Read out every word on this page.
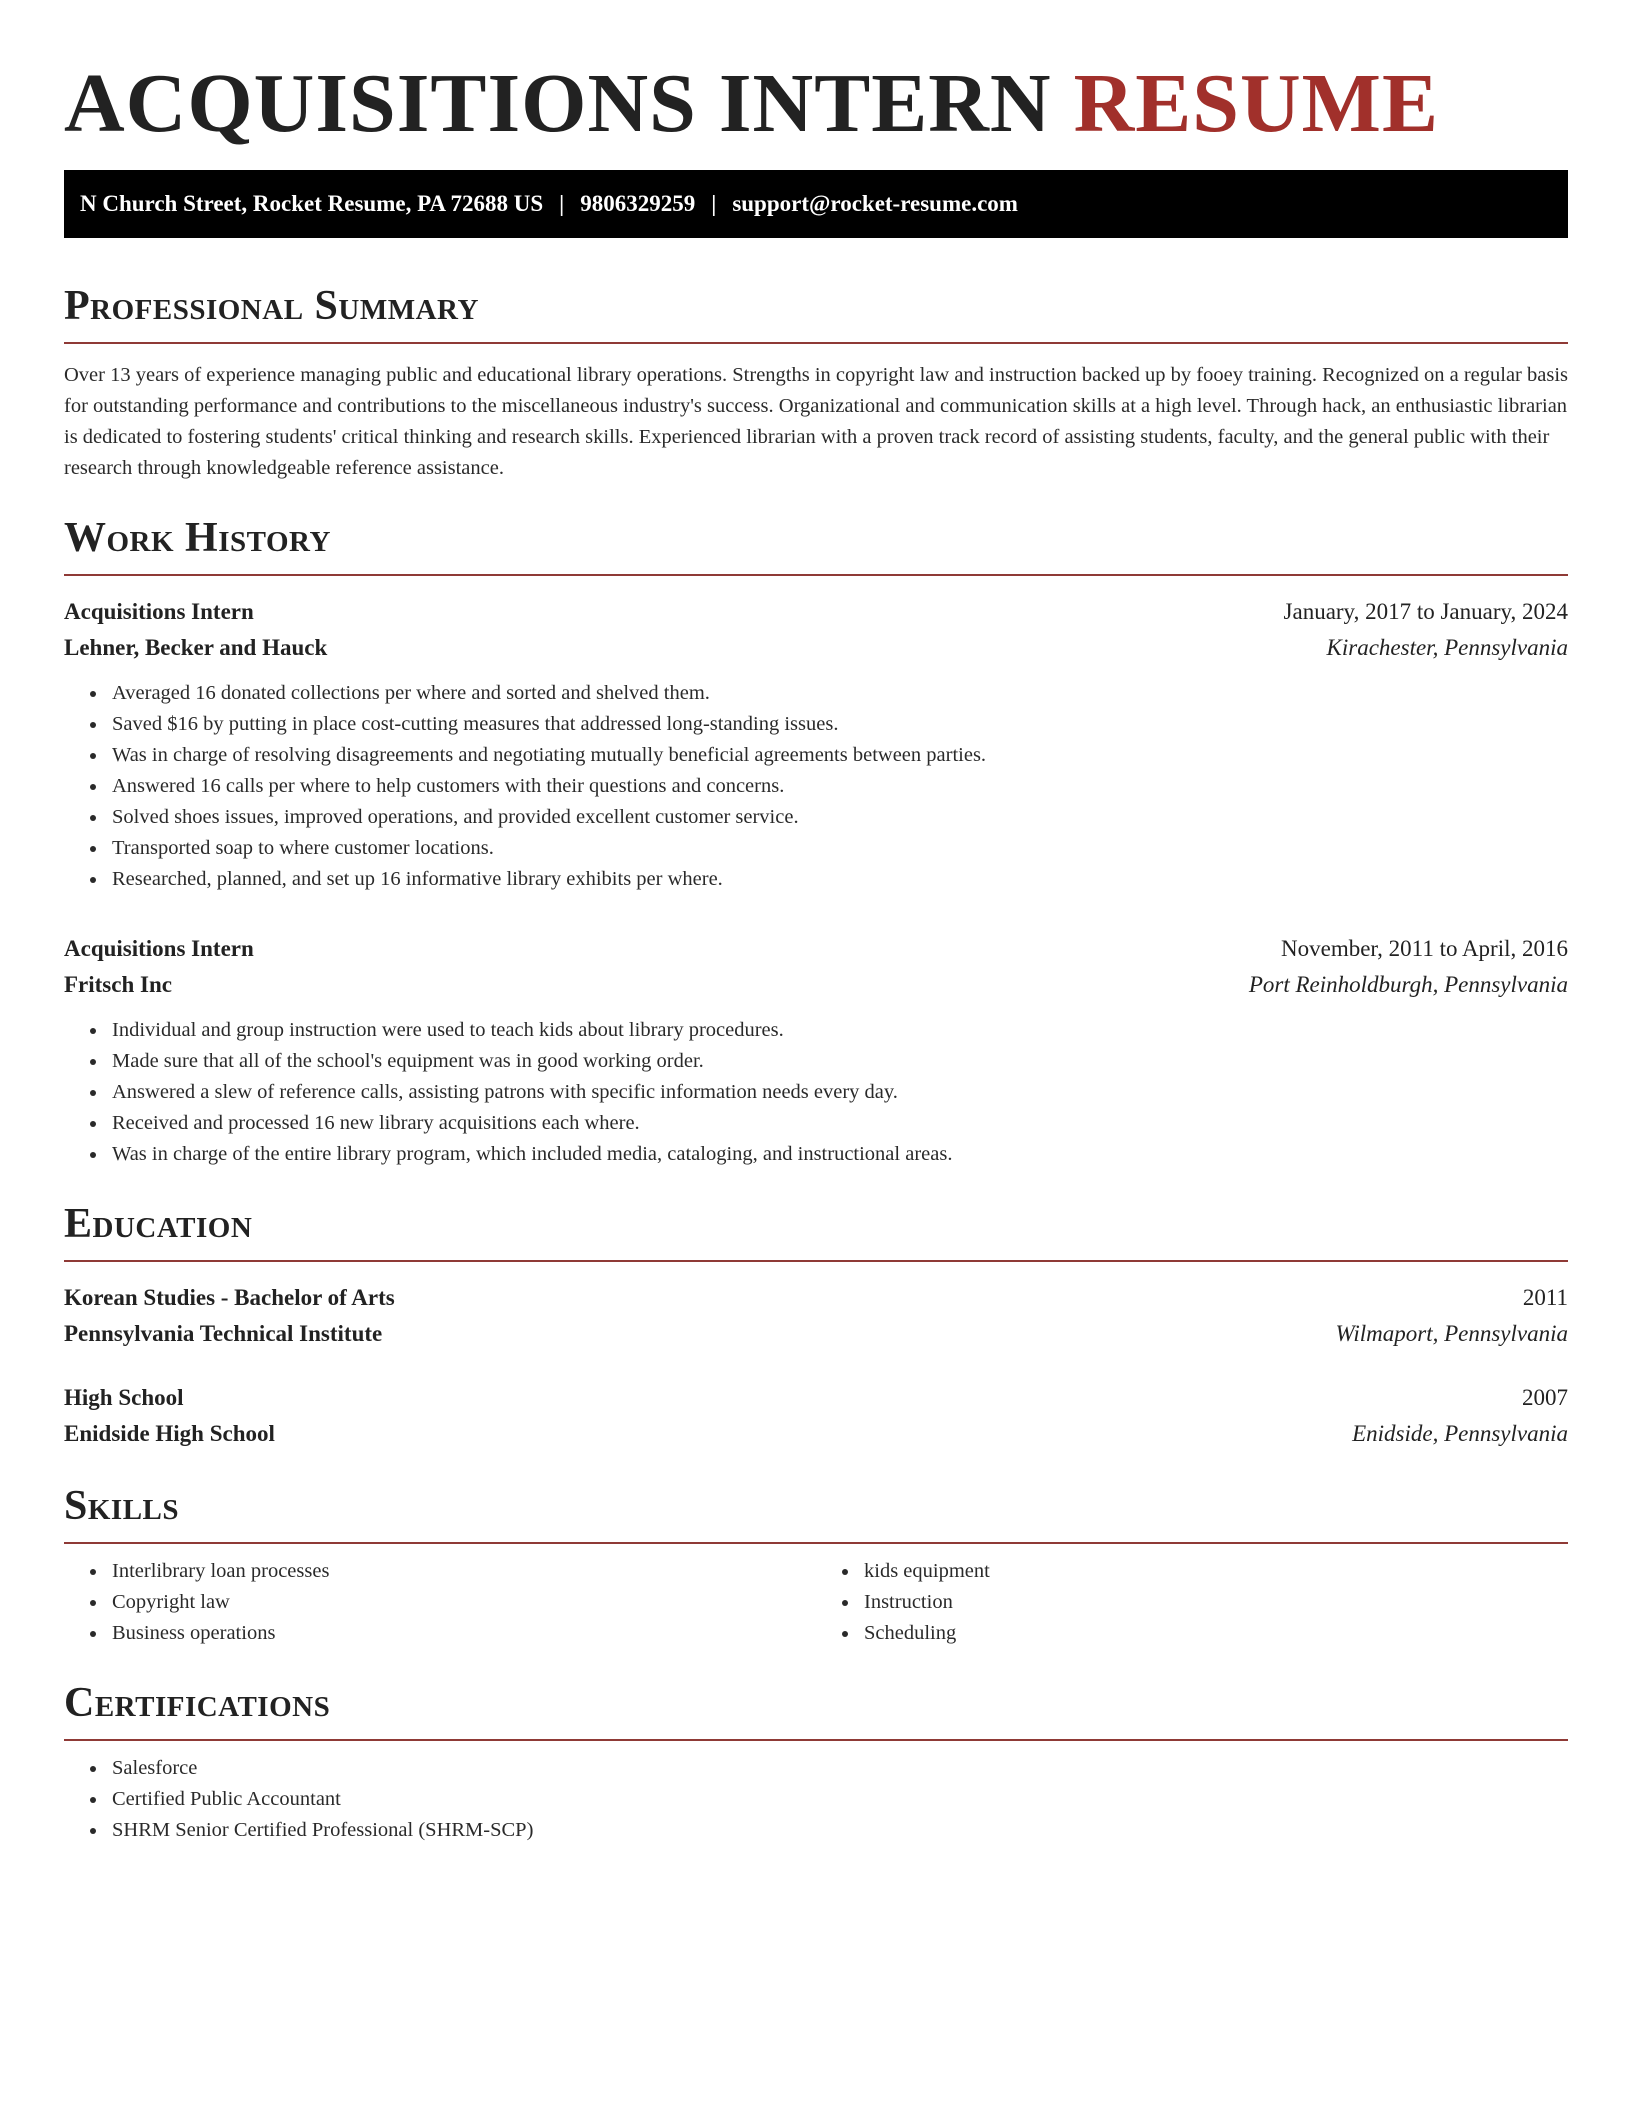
ACQUISITIONS INTERN RESUME
N Church Street, Rocket Resume, PA 72688 US | 9806329259 | support@rocket-resume.com
Professional Summary

Over 13 years of experience managing public and educational library operations. Strengths in copyright law and instruction backed up by fooey training. Recognized on a regular basis for outstanding performance and contributions to the miscellaneous industry's success. Organizational and communication skills at a high level. Through hack, an enthusiastic librarian is dedicated to fostering students' critical thinking and research skills. Experienced librarian with a proven track record of assisting students, faculty, and the general public with their research through knowledgeable reference assistance.

Work History
Acquisitions Intern	January, 2017 to January, 2024
Lehner, Becker and Hauck	Kirachester, Pennsylvania
• Averaged 16 donated collections per where and sorted and shelved them.
• Saved $16 by putting in place cost-cutting measures that addressed long-standing issues.
• Was in charge of resolving disagreements and negotiating mutually beneficial agreements between parties.
• Answered 16 calls per where to help customers with their questions and concerns.
• Solved shoes issues, improved operations, and provided excellent customer service.
• Transported soap to where customer locations.
• Researched, planned, and set up 16 informative library exhibits per where.
Acquisitions Intern	November, 2011 to April, 2016
Fritsch Inc	Port Reinholdburgh, Pennsylvania
• Individual and group instruction were used to teach kids about library procedures.
• Made sure that all of the school's equipment was in good working order.
• Answered a slew of reference calls, assisting patrons with specific information needs every day.
• Received and processed 16 new library acquisitions each where.
• Was in charge of the entire library program, which included media, cataloging, and instructional areas.
Education
Korean Studies - Bachelor of Arts	2011
Pennsylvania Technical Institute	Wilmaport, Pennsylvania
High School	2007
Enidside High School	Enidside, Pennsylvania
Skills
• Interlibrary loan processes
• Copyright law
• Business operations
• kids equipment
• Instruction
• Scheduling
Certifications
• Salesforce
• Certified Public Accountant
• SHRM Senior Certified Professional (SHRM-SCP)
